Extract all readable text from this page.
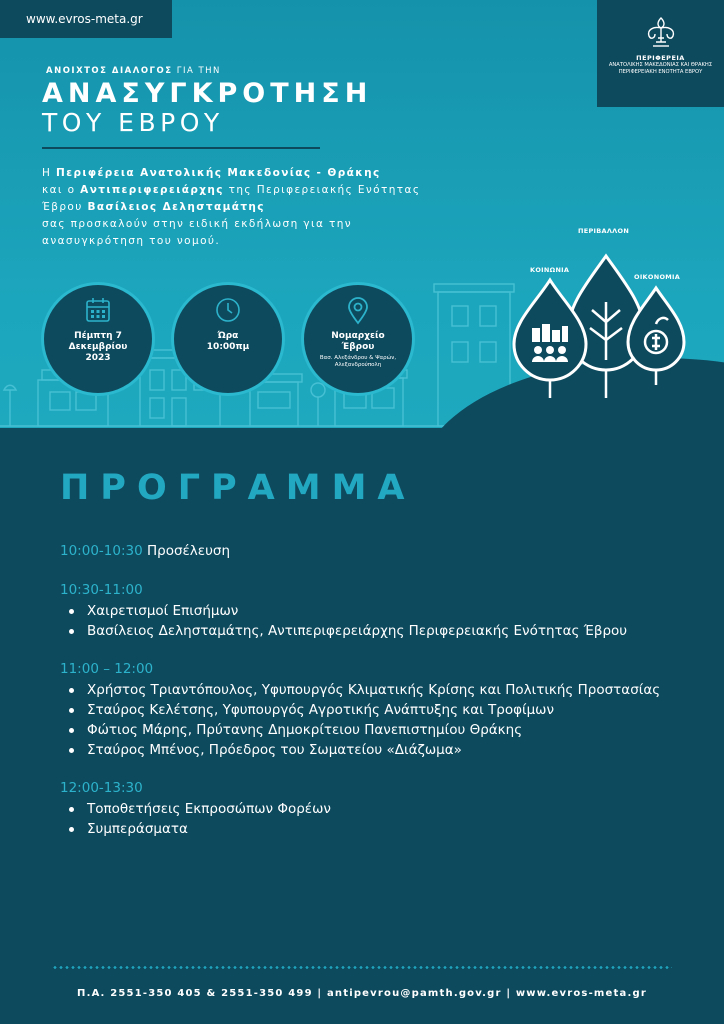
www.evros-meta.gr
ΠΕΡΙΦΕΡΕΙΑ
ΑΝΑΤΟΛΙΚΗΣ ΜΑΚΕΔΟΝΙΑΣ ΚΑΙ ΘΡΑΚΗΣ
ΠΕΡΙΦΕΡΕΙΑΚΗ ΕΝΟΤΗΤΑ ΕΒΡΟΥ
ΑΝΟΙΧΤΟΣ ΔΙΑΛΟΓΟΣ ΓΙΑ ΤΗΝ
ΑΝΑΣΥΓΚΡΟΤΗΣΗ
ΤΟΥ ΕΒΡΟΥ
Η Περιφέρεια Ανατολικής Μακεδονίας - Θράκης
και ο Αντιπεριφερειάρχης της Περιφερειακής Ενότητας
Έβρου Βασίλειος Δελησταμάτης
σας προσκαλούν στην ειδική εκδήλωση για την
ανασυγκρότηση του νομού.
Πέμπτη 7
Δεκεμβρίου
2023
Ώρα
10:00πμ
Νομαρχείο
Έβρου
Βασ. Αλεξάνδρου & Ψαρών,
Αλεξανδρούπολη
ΠΕΡΙΒΑΛΛΟΝ
ΚΟΙΝΩΝΙΑ
ΟΙΚΟΝΟΜΙΑ
ΠΡΟΓΡΑΜΜΑ
10:00-10:30 Προσέλευση
10:30-11:00
Χαιρετισμοί Επισήμων
Βασίλειος Δελησταμάτης, Αντιπεριφερειάρχης Περιφερειακής Ενότητας Έβρου
11:00 – 12:00
Χρήστος Τριαντόπουλος, Υφυπουργός Κλιματικής Κρίσης και Πολιτικής Προστασίας
Σταύρος Κελέτσης, Υφυπουργός Αγροτικής Ανάπτυξης και Τροφίμων
Φώτιος Μάρης, Πρύτανης Δημοκρίτειου Πανεπιστημίου Θράκης
Σταύρος Μπένος, Πρόεδρος του Σωματείου «Διάζωμα»
12:00-13:30
Τοποθετήσεις Εκπροσώπων Φορέων
Συμπεράσματα
Π.Α. 2551-350 405 & 2551-350 499 | antipevrou@pamth.gov.gr | www.evros-meta.gr
